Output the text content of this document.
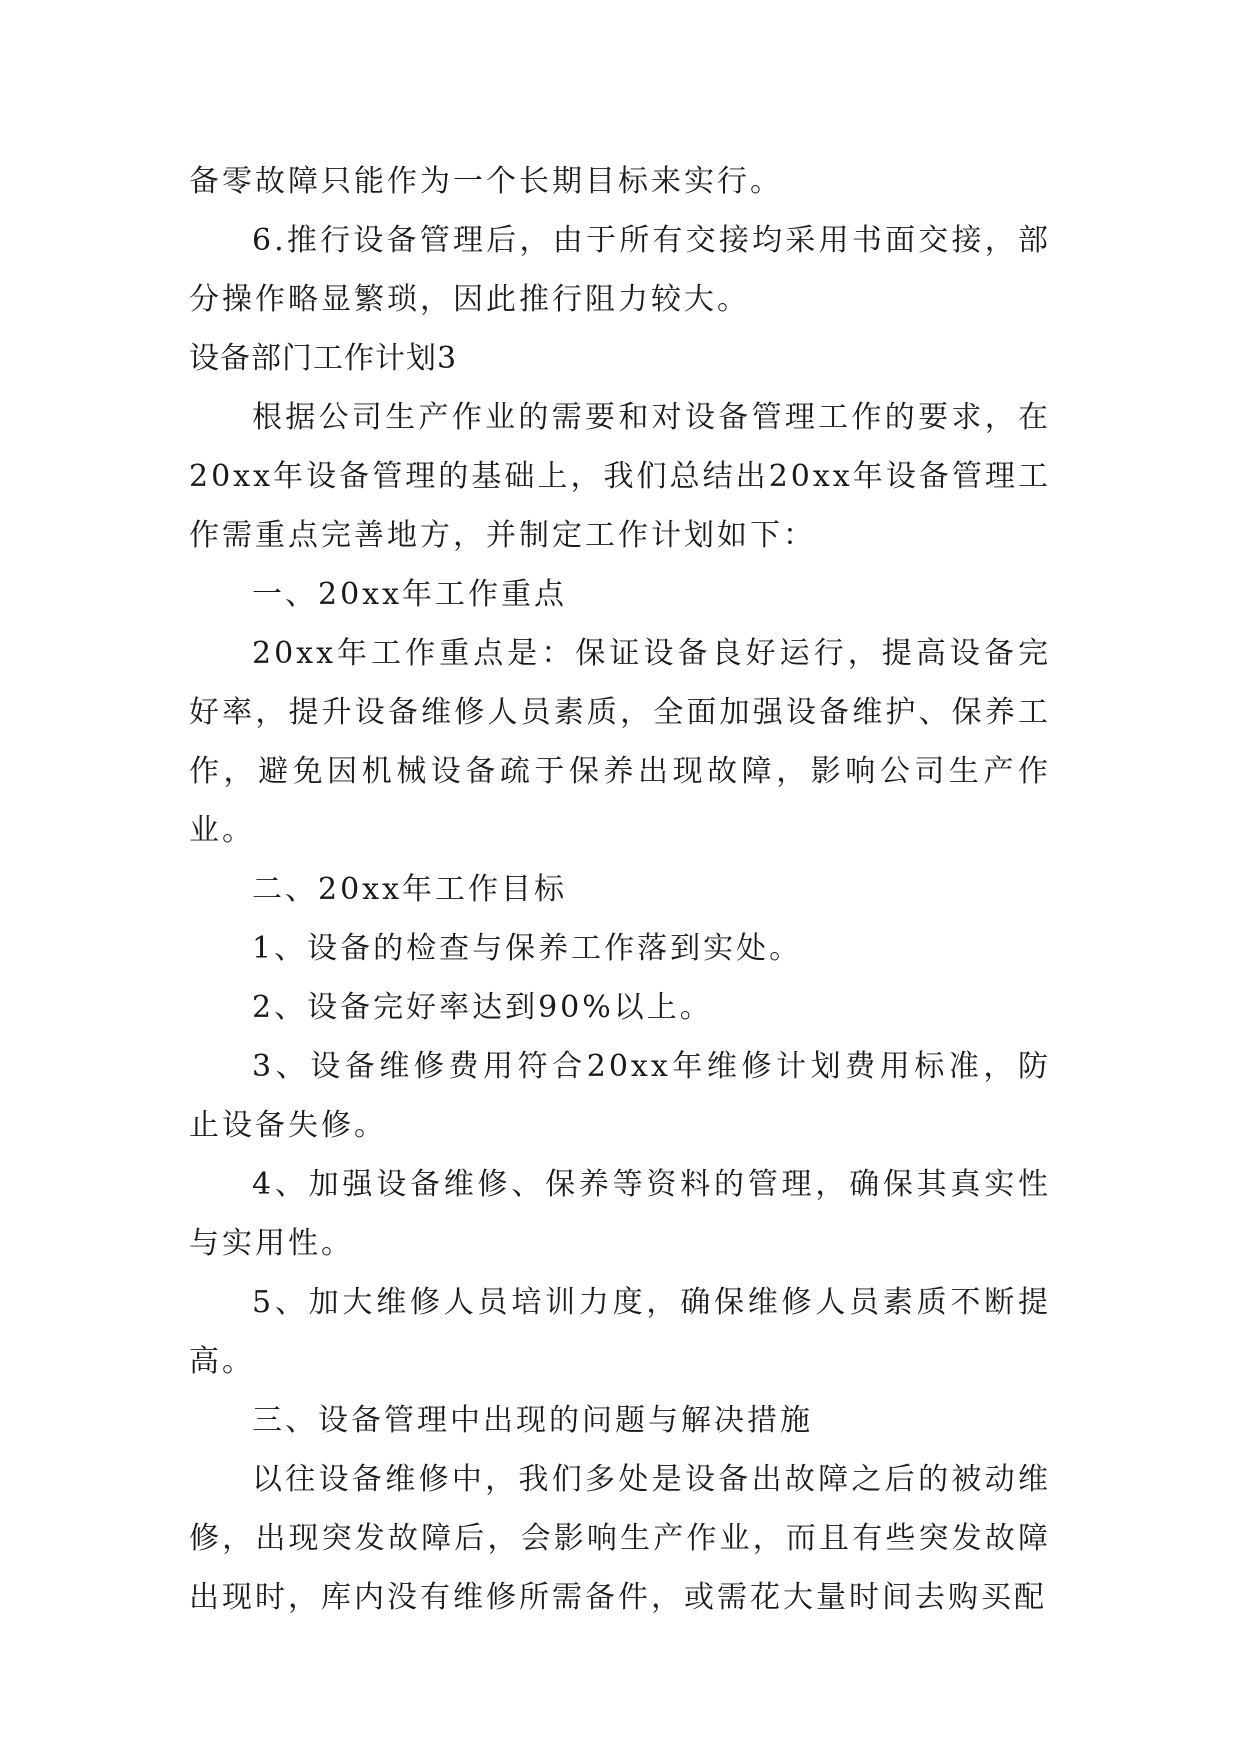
备零故障只能作为一个长期目标来实行。

6.推行设备管理后，由于所有交接均采用书面交接，部分操作略显繁琐，因此推行阻力较大。

设备部门工作计划3

根据公司生产作业的需要和对设备管理工作的要求，在20xx年设备管理的基础上，我们总结出20xx年设备管理工作需重点完善地方，并制定工作计划如下：

一、20xx年工作重点

20xx年工作重点是：保证设备良好运行，提高设备完好率，提升设备维修人员素质，全面加强设备维护、保养工作，避免因机械设备疏于保养出现故障，影响公司生产作业。

二、20xx年工作目标

1、设备的检查与保养工作落到实处。

2、设备完好率达到90%以上。

3、设备维修费用符合20xx年维修计划费用标准，防止设备失修。

4、加强设备维修、保养等资料的管理，确保其真实性与实用性。

5、加大维修人员培训力度，确保维修人员素质不断提高。

三、设备管理中出现的问题与解决措施

以往设备维修中，我们多处是设备出故障之后的被动维修，出现突发故障后，会影响生产作业，而且有些突发故障出现时，库内没有维修所需备件，或需花大量时间去购买配
